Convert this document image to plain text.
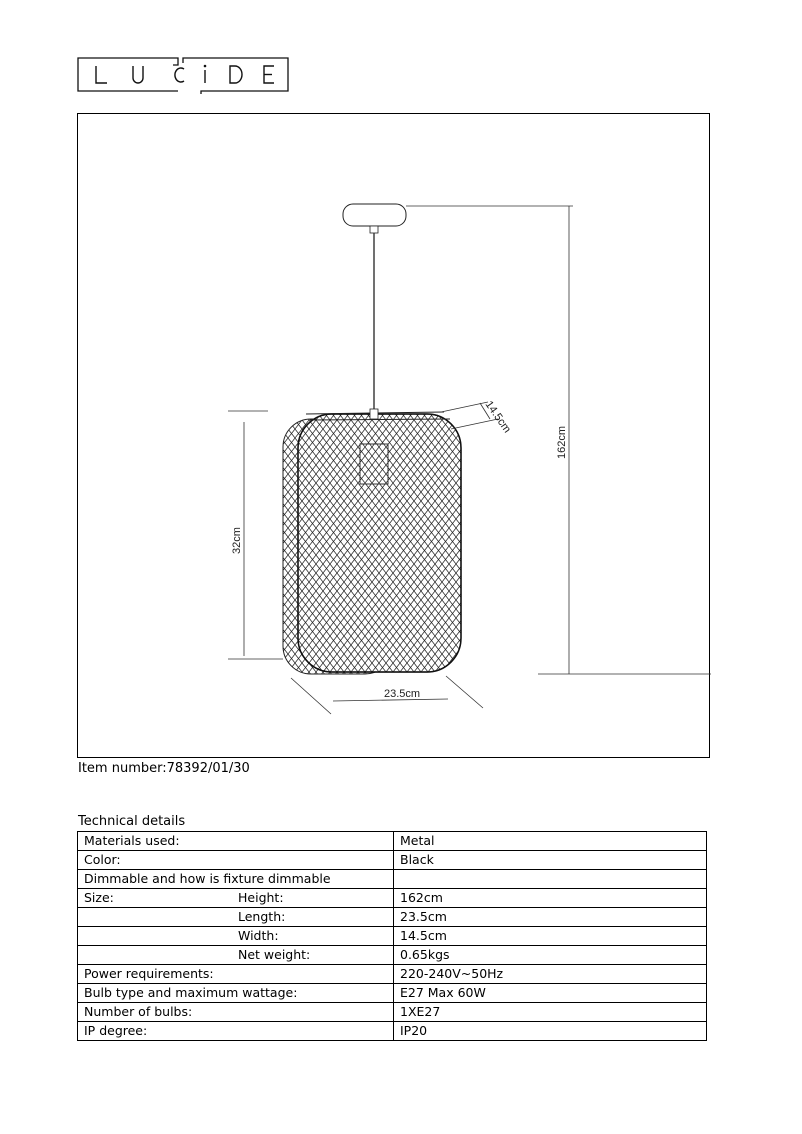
162cm
32cm
23.5cm
14.5cm
Item number:78392/01/30
Technical details
Materials used:	Metal
Color:	Black
Dimmable and how is fixture dimmable

Size: Height:	162cm

Length:	23.5cm

Width:	14.5cm

Net weight:	0.65kgs
Power requirements:	220-240V~50Hz
Bulb type and maximum wattage:	E27 Max 60W
Number of bulbs:	1XE27
IP degree:	IP20
